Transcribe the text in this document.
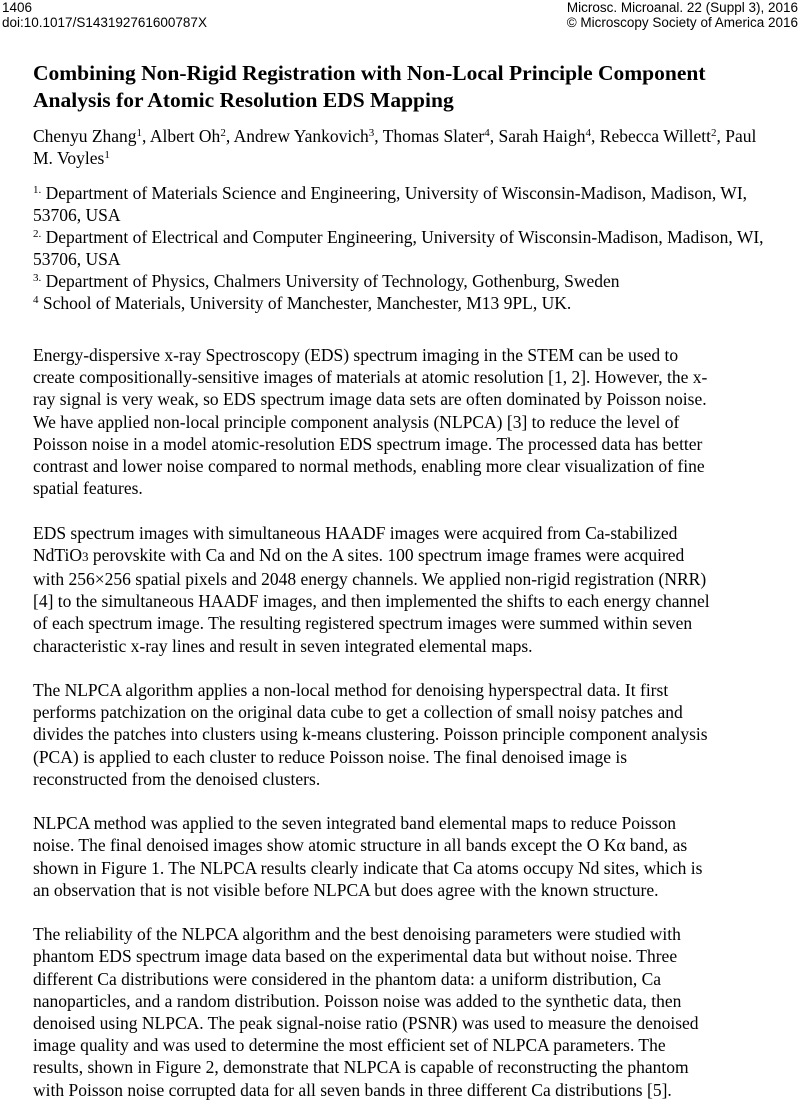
1406
doi:10.1017/S143192761600787X
Microsc. Microanal. 22 (Suppl 3), 2016
© Microscopy Society of America 2016
Combining Non-Rigid Registration with Non-Local Principle Component
Analysis for Atomic Resolution EDS Mapping
Chenyu Zhang$^1$, Albert Oh$^2$, Andrew Yankovich$^3$, Thomas Slater$^4$, Sarah Haigh$^4$, Rebecca Willett$^2$, Paul M. Voyles$^1$
$^{1.}$ Department of Materials Science and Engineering, University of Wisconsin-Madison, Madison, WI, 53706, USA
$^{2.}$ Department of Electrical and Computer Engineering, University of Wisconsin-Madison, Madison, WI, 53706, USA
$^{3.}$ Department of Physics, Chalmers University of Technology, Gothenburg, Sweden
$^4$ School of Materials, University of Manchester, Manchester, M13 9PL, UK.

Energy-dispersive x-ray Spectroscopy (EDS) spectrum imaging in the STEM can be used to
create compositionally-sensitive images of materials at atomic resolution [1, 2]. However, the x-
ray signal is very weak, so EDS spectrum image data sets are often dominated by Poisson noise.
We have applied non-local principle component analysis (NLPCA) [3] to reduce the level of
Poisson noise in a model atomic-resolution EDS spectrum image. The processed data has better
contrast and lower noise compared to normal methods, enabling more clear visualization of fine
spatial features.

EDS spectrum images with simultaneous HAADF images were acquired from Ca-stabilized
NdTiO3 perovskite with Ca and Nd on the A sites. 100 spectrum image frames were acquired
with 256×256 spatial pixels and 2048 energy channels. We applied non-rigid registration (NRR)
[4] to the simultaneous HAADF images, and then implemented the shifts to each energy channel
of each spectrum image. The resulting registered spectrum images were summed within seven
characteristic x-ray lines and result in seven integrated elemental maps.

The NLPCA algorithm applies a non-local method for denoising hyperspectral data. It first
performs patchization on the original data cube to get a collection of small noisy patches and
divides the patches into clusters using k-means clustering. Poisson principle component analysis
(PCA) is applied to each cluster to reduce Poisson noise. The final denoised image is
reconstructed from the denoised clusters.

NLPCA method was applied to the seven integrated band elemental maps to reduce Poisson
noise. The final denoised images show atomic structure in all bands except the O Kα band, as
shown in Figure 1. The NLPCA results clearly indicate that Ca atoms occupy Nd sites, which is
an observation that is not visible before NLPCA but does agree with the known structure.

The reliability of the NLPCA algorithm and the best denoising parameters were studied with
phantom EDS spectrum image data based on the experimental data but without noise. Three
different Ca distributions were considered in the phantom data: a uniform distribution, Ca
nanoparticles, and a random distribution. Poisson noise was added to the synthetic data, then
denoised using NLPCA. The peak signal-noise ratio (PSNR) was used to measure the denoised
image quality and was used to determine the most efficient set of NLPCA parameters. The
results, shown in Figure 2, demonstrate that NLPCA is capable of reconstructing the phantom
with Poisson noise corrupted data for all seven bands in three different Ca distributions [5].
